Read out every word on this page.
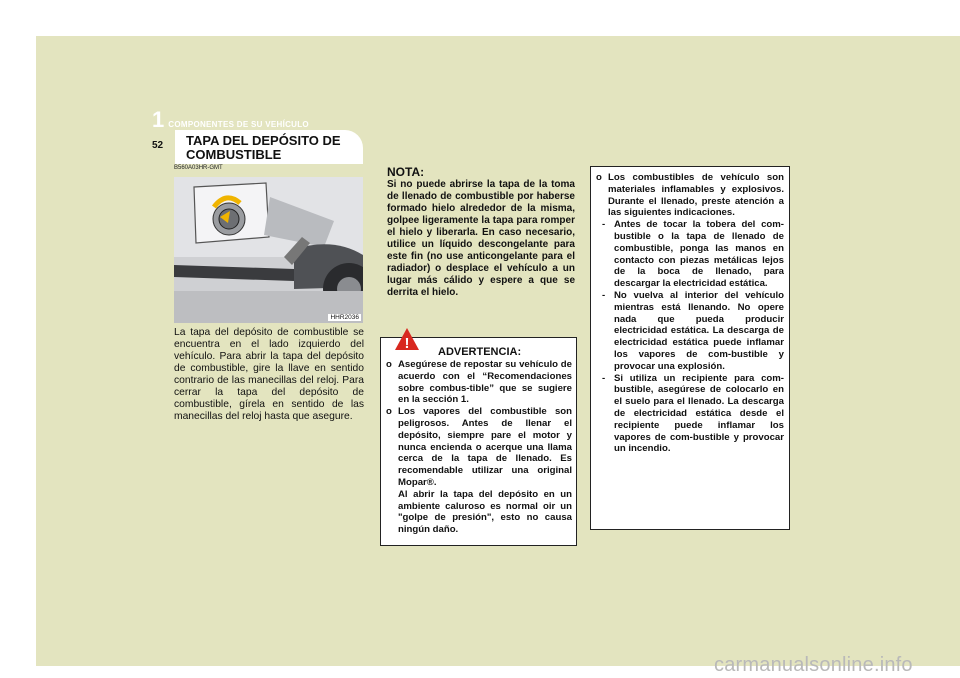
1 COMPONENTES DE SU VEHÍCULO
52 TAPA DEL DEPÓSITO DE COMBUSTIBLE
B560A03HR-GMT
HHR2036

La tapa del depósito de combustible se encuentra en el lado izquierdo del vehículo. Para abrir la tapa del depósito de combustible, gire la llave en sentido contrario de las manecillas del reloj. Para cerrar la tapa del depósito de combustible, gírela en sentido de las manecillas del reloj hasta que asegure.

NOTA:

Si no puede abrirse la tapa de la toma de llenado de combustible por haberse formado hielo alrededor de la misma, golpee ligeramente la tapa para romper el hielo y liberarla. En caso necesario, utilice un líquido descongelante para este fin (no use anticongelante para el radiador) o desplace el vehículo a un lugar más cálido y espere a que se derrita el hielo.

!	ADVERTENCIA:
o Asegúrese de repostar su vehículo de acuerdo con el “Recomendaciones sobre combus-tible” que se sugiere en la sección 1.
o Los vapores del combustible son peligrosos. Antes de llenar el depósito, siempre pare el motor y nunca encienda o acerque una llama cerca de la tapa de llenado. Es recomendable utilizar una original Mopar®.
Al abrir la tapa del depósito en un ambiente caluroso es normal oir un "golpe de presión", esto no causa ningún daño.
o Los combustibles de vehículo son materiales inflamables y explosivos. Durante el llenado, preste atención a las siguientes indicaciones.
- Antes de tocar la tobera del com-bustible o la tapa de llenado de combustible, ponga las manos en contacto con piezas metálicas lejos de la boca de llenado, para descargar la electricidad estática.
- No vuelva al interior del vehículo mientras está llenando. No opere nada que pueda producir electricidad estática. La descarga de electricidad estática puede inflamar los vapores de com-bustible y provocar una explosión.
- Si utiliza un recipiente para com-bustible, asegúrese de colocarlo en el suelo para el llenado. La descarga de electricidad estática desde el recipiente puede inflamar los vapores de com-bustible y provocar un incendio.
carmanualsonline.info
